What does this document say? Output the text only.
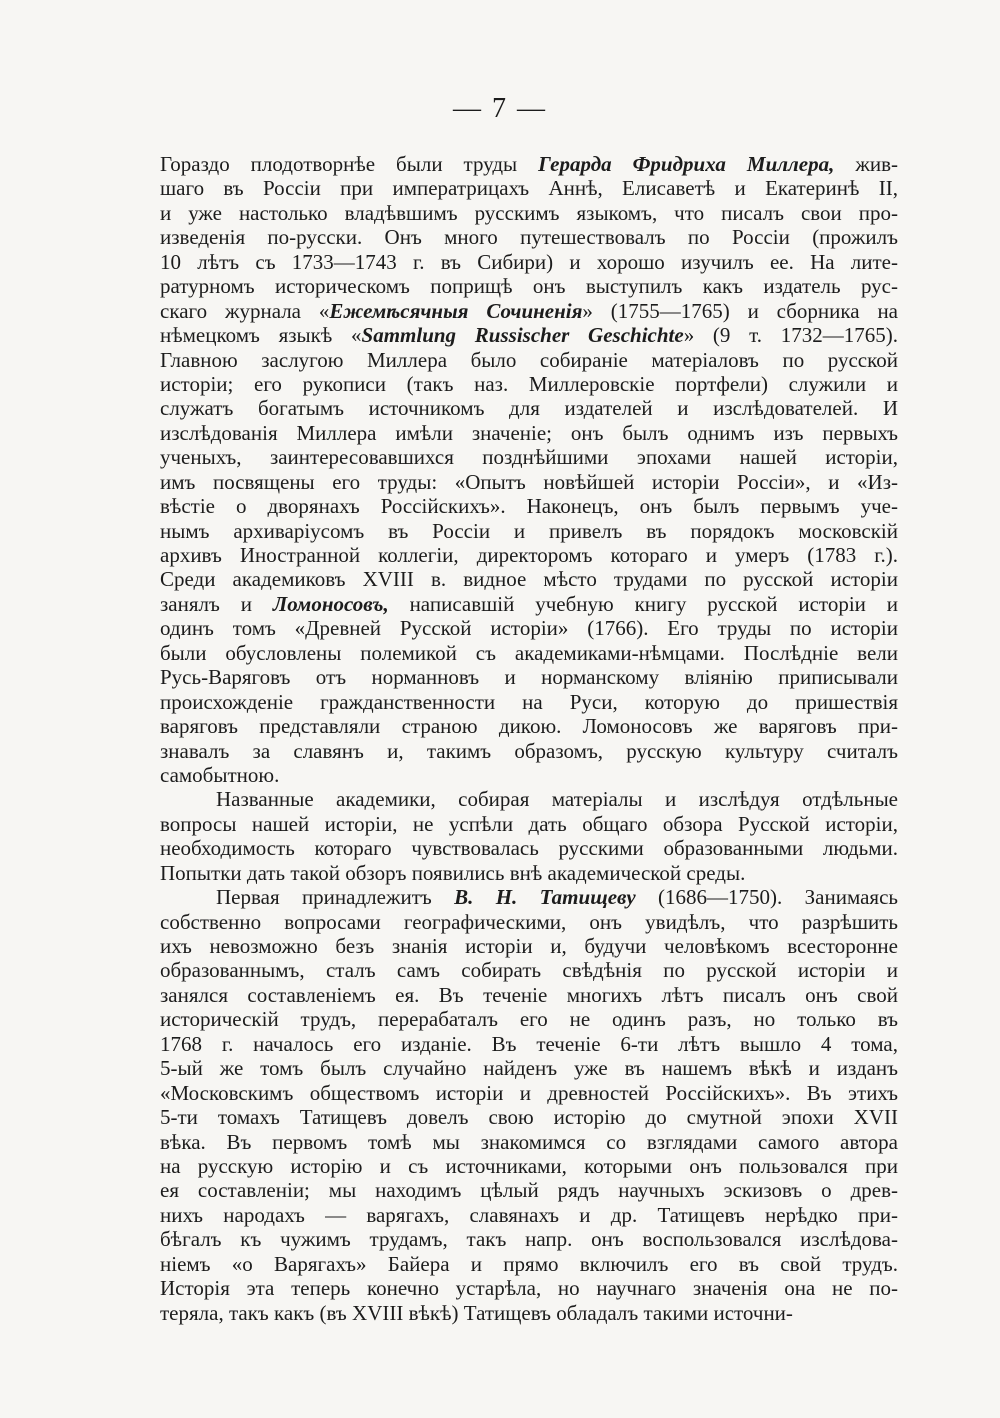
— 7 —
Гораздо плодотворнѣе были труды Герарда Фридриха Миллера, жив-
шаго въ Россіи при императрицахъ Аннѣ, Елисаветѣ и Екатеринѣ II,
и уже настолько владѣвшимъ русскимъ языкомъ, что писалъ свои про-
изведенія по-русски. Онъ много путешествовалъ по Россіи (прожилъ
10 лѣтъ съ 1733—1743 г. въ Сибири) и хорошо изучилъ ее. На лите-
ратурномъ историческомъ поприщѣ онъ выступилъ какъ издатель рус-
скаго журнала «Ежемѣсячныя Сочиненія» (1755—1765) и сборника на
нѣмецкомъ языкѣ «Sammlung Russischer Geschichte» (9 т. 1732—1765).
Главною заслугою Миллера было собираніе матеріаловъ по русской
исторіи; его рукописи (такъ наз. Миллеровскіе портфели) служили и
служатъ богатымъ источникомъ для издателей и изслѣдователей. И
изслѣдованія Миллера имѣли значеніе; онъ былъ однимъ изъ первыхъ
ученыхъ, заинтересовавшихся позднѣйшими эпохами нашей исторіи,
имъ посвящены его труды: «Опытъ новѣйшей исторіи Россіи», и «Из-
вѣстіе о дворянахъ Россійскихъ». Наконецъ, онъ былъ первымъ уче-
нымъ архиваріусомъ въ Россіи и привелъ въ порядокъ московскій
архивъ Иностранной коллегіи, директоромъ котораго и умеръ (1783 г.).
Среди академиковъ XVIII в. видное мѣсто трудами по русской исторіи
занялъ и Ломоносовъ, написавшій учебную книгу русской исторіи и
одинъ томъ «Древней Русской исторіи» (1766). Его труды по исторіи
были обусловлены полемикой съ академиками-нѣмцами. Послѣдніе вели
Русь-Варяговъ отъ норманновъ и норманскому вліянію приписывали
происхожденіе гражданственности на Руси, которую до пришествія
варяговъ представляли страною дикою. Ломоносовъ же варяговъ при-
знавалъ за славянъ и, такимъ образомъ, русскую культуру считалъ
самобытною.
Названные академики, собирая матеріалы и изслѣдуя отдѣльные
вопросы нашей исторіи, не успѣли дать общаго обзора Русской исторіи,
необходимость котораго чувствовалась русскими образованными людьми.
Попытки дать такой обзоръ появились внѣ академической среды.
Первая принадлежитъ В. Н. Татищеву (1686—1750). Занимаясь
собственно вопросами географическими, онъ увидѣлъ, что разрѣшить
ихъ невозможно безъ знанія исторіи и, будучи человѣкомъ всесторонне
образованнымъ, сталъ самъ собирать свѣдѣнія по русской исторіи и
занялся составленіемъ ея. Въ теченіе многихъ лѣтъ писалъ онъ свой
историческій трудъ, перерабаталъ его не одинъ разъ, но только въ
1768 г. началось его изданіе. Въ теченіе 6-ти лѣтъ вышло 4 тома,
5-ый же томъ былъ случайно найденъ уже въ нашемъ вѣкѣ и изданъ
«Московскимъ обществомъ исторіи и древностей Россійскихъ». Въ этихъ
5-ти томахъ Татищевъ довелъ свою исторію до смутной эпохи XVII
вѣка. Въ первомъ томѣ мы знакомимся со взглядами самого автора
на русскую исторію и съ источниками, которыми онъ пользовался при
ея составленіи; мы находимъ цѣлый рядъ научныхъ эскизовъ о древ-
нихъ народахъ — варягахъ, славянахъ и др. Татищевъ нерѣдко при-
бѣгалъ къ чужимъ трудамъ, такъ напр. онъ воспользовался изслѣдова-
ніемъ «о Варягахъ» Байера и прямо включилъ его въ свой трудъ.
Исторія эта теперь конечно устарѣла, но научнаго значенія она не по-
теряла, такъ какъ (въ XVIII вѣкѣ) Татищевъ обладалъ такими источни-
